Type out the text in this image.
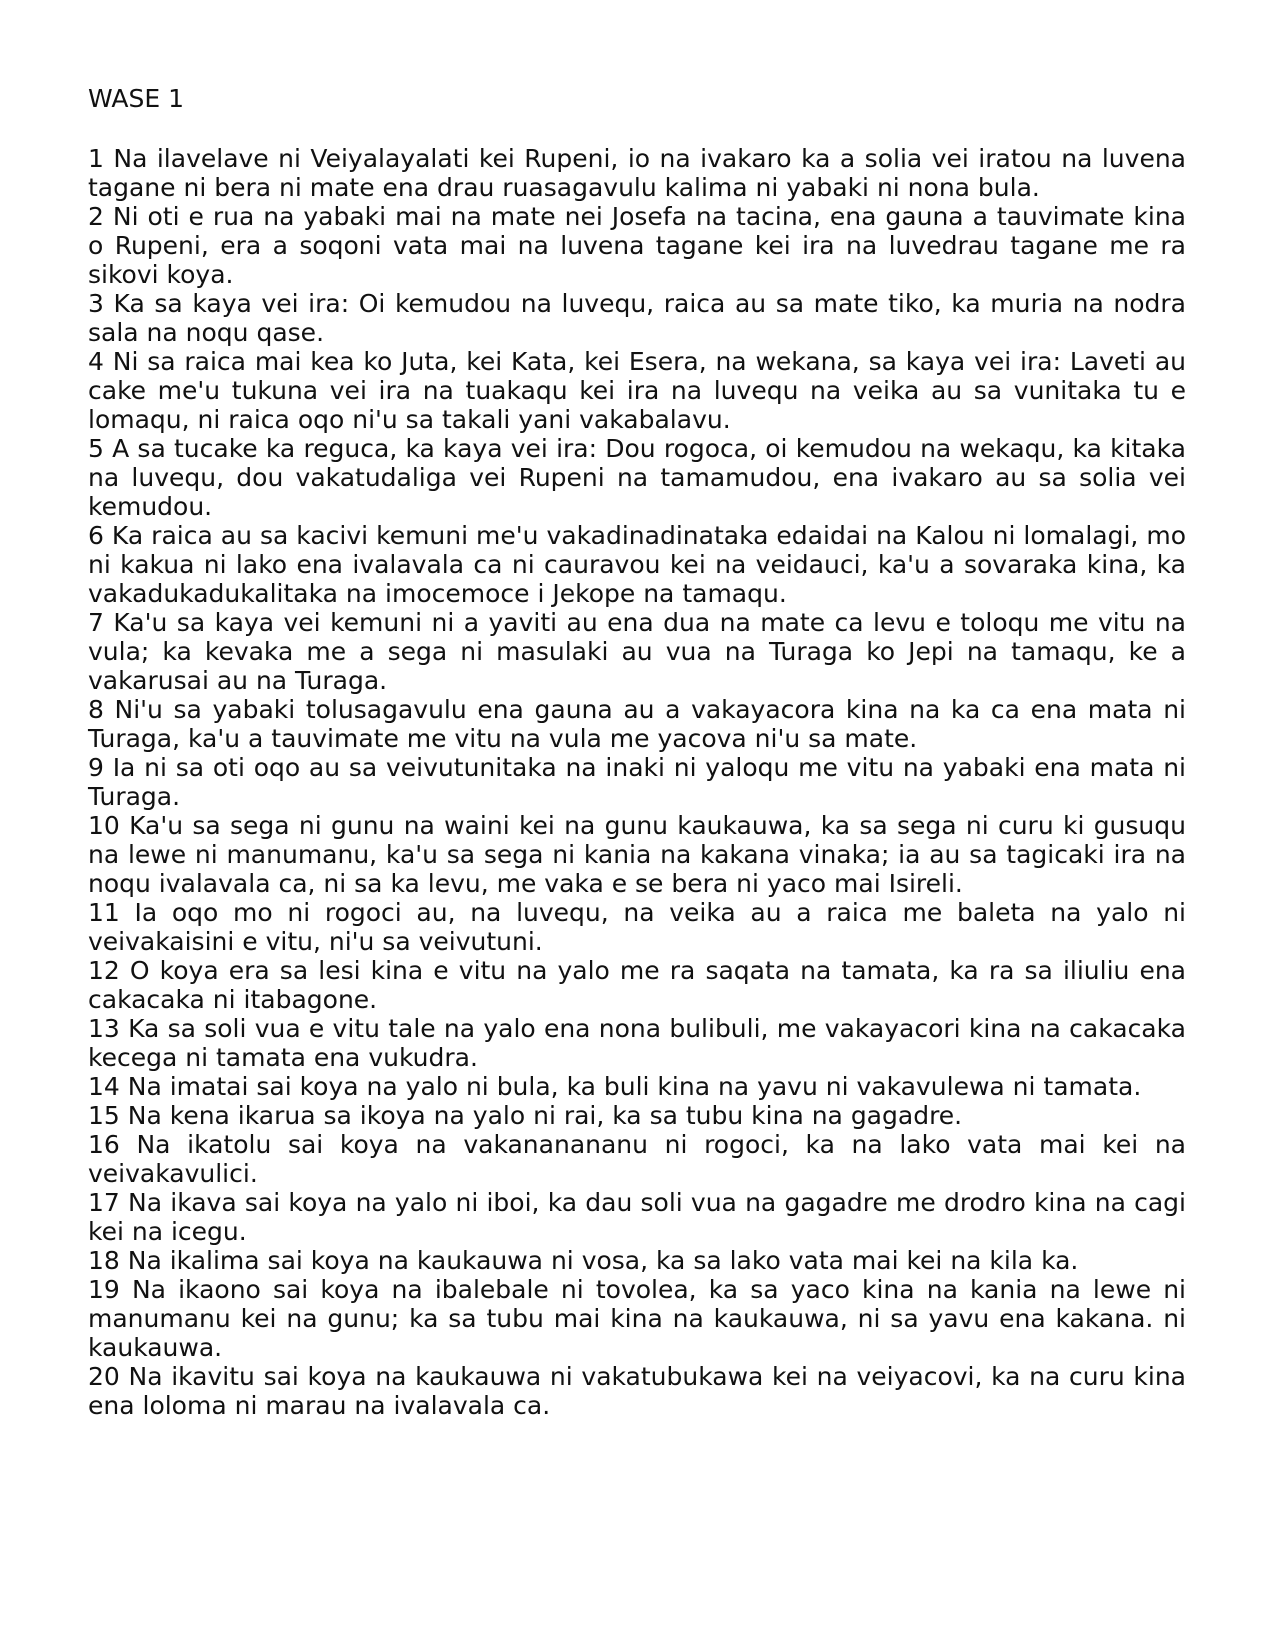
WASE 1

1 Na ilavelave ni Veiyalayalati kei Rupeni, io na ivakaro ka a solia vei iratou na luvena tagane ni bera ni mate ena drau ruasagavulu kalima ni yabaki ni nona bula.

2 Ni oti e rua na yabaki mai na mate nei Josefa na tacina, ena gauna a tauvimate kina o Rupeni, era a soqoni vata mai na luvena tagane kei ira na luvedrau tagane me ra sikovi koya.

3 Ka sa kaya vei ira: Oi kemudou na luvequ, raica au sa mate tiko, ka muria na nodra sala na noqu qase.

4 Ni sa raica mai kea ko Juta, kei Kata, kei Esera, na wekana, sa kaya vei ira: Laveti au cake me'u tukuna vei ira na tuakaqu kei ira na luvequ na veika au sa vunitaka tu e lomaqu, ni raica oqo ni'u sa takali yani vakabalavu.

5 A sa tucake ka reguca, ka kaya vei ira: Dou rogoca, oi kemudou na wekaqu, ka kitaka na luvequ, dou vakatudaliga vei Rupeni na tamamudou, ena ivakaro au sa solia vei kemudou.

6 Ka raica au sa kacivi kemuni me'u vakadinadinataka edaidai na Kalou ni lomalagi, mo ni kakua ni lako ena ivalavala ca ni cauravou kei na veidauci, ka'u a sovaraka kina, ka vakadukadukalitaka na imocemoce i Jekope na tamaqu.

7 Ka'u sa kaya vei kemuni ni a yaviti au ena dua na mate ca levu e toloqu me vitu na vula; ka kevaka me a sega ni masulaki au vua na Turaga ko Jepi na tamaqu, ke a vakarusai au na Turaga.

8 Ni'u sa yabaki tolusagavulu ena gauna au a vakayacora kina na ka ca ena mata ni Turaga, ka'u a tauvimate me vitu na vula me yacova ni'u sa mate.

9 Ia ni sa oti oqo au sa veivutunitaka na inaki ni yaloqu me vitu na yabaki ena mata ni Turaga.

10 Ka'u sa sega ni gunu na waini kei na gunu kaukauwa, ka sa sega ni curu ki gusuqu na lewe ni manumanu, ka'u sa sega ni kania na kakana vinaka; ia au sa tagicaki ira na noqu ivalavala ca, ni sa ka levu, me vaka e se bera ni yaco mai Isireli.

11 Ia oqo mo ni rogoci au, na luvequ, na veika au a raica me baleta na yalo ni veivakaisini e vitu, ni'u sa veivutuni.

12 O koya era sa lesi kina e vitu na yalo me ra saqata na tamata, ka ra sa iliuliu ena cakacaka ni itabagone.

13 Ka sa soli vua e vitu tale na yalo ena nona bulibuli, me vakayacori kina na cakacaka kecega ni tamata ena vukudra.

14 Na imatai sai koya na yalo ni bula, ka buli kina na yavu ni vakavulewa ni tamata.

15 Na kena ikarua sa ikoya na yalo ni rai, ka sa tubu kina na gagadre.

16 Na ikatolu sai koya na vakananananu ni rogoci, ka na lako vata mai kei na veivakavulici.

17 Na ikava sai koya na yalo ni iboi, ka dau soli vua na gagadre me drodro kina na cagi kei na icegu.

18 Na ikalima sai koya na kaukauwa ni vosa, ka sa lako vata mai kei na kila ka.

19 Na ikaono sai koya na ibalebale ni tovolea, ka sa yaco kina na kania na lewe ni manumanu kei na gunu; ka sa tubu mai kina na kaukauwa, ni sa yavu ena kakana. ni kaukauwa.

20 Na ikavitu sai koya na kaukauwa ni vakatubukawa kei na veiyacovi, ka na curu kina ena loloma ni marau na ivalavala ca.
